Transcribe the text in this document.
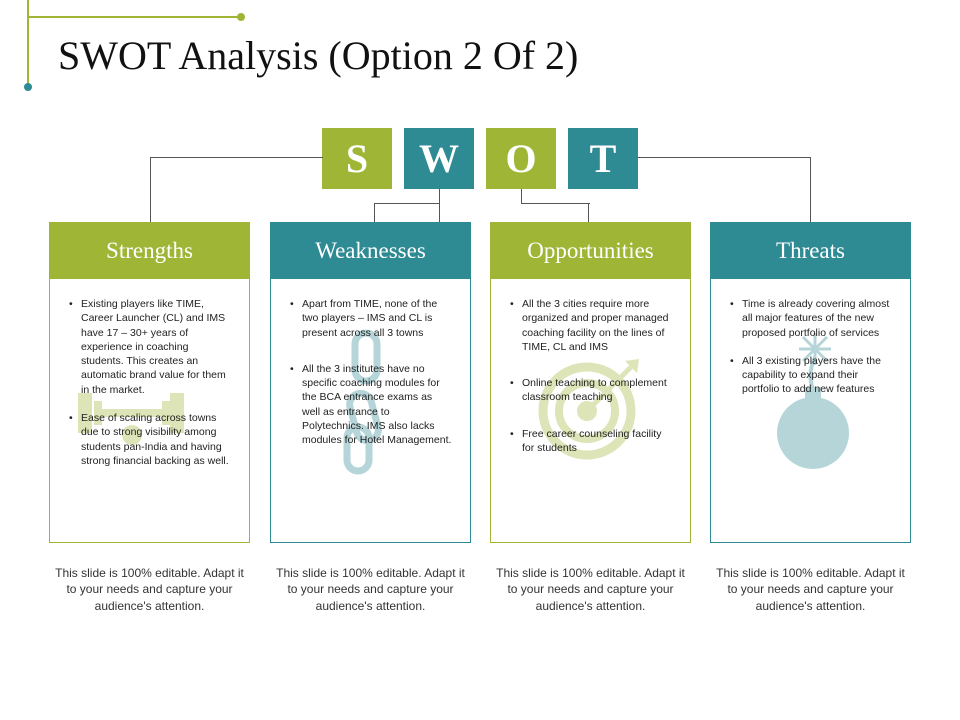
SWOT Analysis (Option 2 Of 2)
S	W	O	T
Strengths
• Existing players like TIME, Career Launcher (CL) and IMS have 17 – 30+ years of experience in coaching students. This creates an automatic brand value for them in the market.
• Ease of scaling across towns due to strong visibility among students pan-India and having strong financial backing as well.
Weaknesses
• Apart from TIME, none of the two players – IMS and CL is present across all 3 towns
• All the 3 institutes have no specific coaching modules for the BCA entrance exams as well as entrance to Polytechnics. IMS also lacks modules for Hotel Management.
Opportunities
• All the 3 cities require more organized and proper managed coaching facility on the lines of TIME, CL and IMS
• Online teaching to complement classroom teaching
• Free career counseling facility for students
Threats
• Time is already covering almost all major features of the new proposed portfolio of services
• All 3 existing players have the capability to expand their portfolio to add new features
This slide is 100% editable. Adapt it to your needs and capture your audience's attention.
This slide is 100% editable. Adapt it to your needs and capture your audience's attention.
This slide is 100% editable. Adapt it to your needs and capture your audience's attention.
This slide is 100% editable. Adapt it to your needs and capture your audience's attention.
